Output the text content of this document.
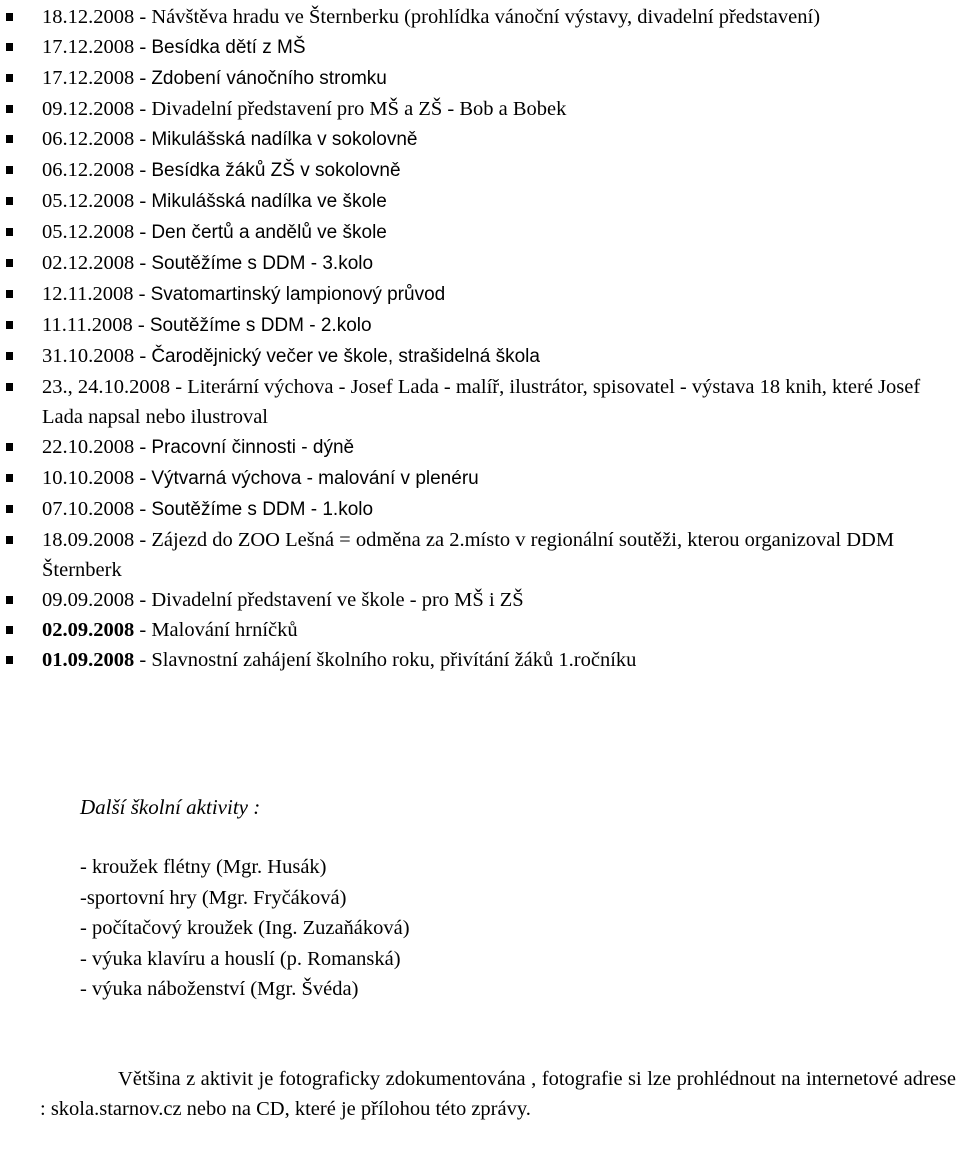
18.12.2008 - Návštěva hradu ve Šternberku (prohlídka vánoční výstavy, divadelní představení)
17.12.2008 - Besídka dětí z MŠ
17.12.2008 - Zdobení vánočního stromku
09.12.2008 - Divadelní představení pro MŠ a ZŠ - Bob a Bobek
06.12.2008 - Mikulášská nadílka v sokolovně
06.12.2008 - Besídka žáků ZŠ v sokolovně
05.12.2008 - Mikulášská nadílka ve škole
05.12.2008 - Den čertů a andělů ve škole
02.12.2008 - Soutěžíme s DDM - 3.kolo
12.11.2008 - Svatomartinský lampionový průvod
11.11.2008 - Soutěžíme s DDM - 2.kolo
31.10.2008 - Čarodějnický večer ve škole, strašidelná škola
23., 24.10.2008 - Literární výchova - Josef Lada - malíř, ilustrátor, spisovatel - výstava 18 knih, které Josef Lada napsal nebo ilustroval
22.10.2008 - Pracovní činnosti - dýně
10.10.2008 - Výtvarná výchova - malování v plenéru
07.10.2008 - Soutěžíme s DDM - 1.kolo
18.09.2008 - Zájezd do ZOO Lešná = odměna za 2.místo v regionální soutěži, kterou organizoval DDM Šternberk
09.09.2008 - Divadelní představení ve škole - pro MŠ i ZŠ
02.09.2008 - Malování hrníčků
01.09.2008 - Slavnostní zahájení školního roku, přivítání žáků 1.ročníku
Další školní aktivity :
- kroužek flétny (Mgr. Husák)
-sportovní hry (Mgr. Fryčáková)
- počítačový kroužek (Ing. Zuzaňáková)
- výuka klavíru a houslí (p. Romanská)
- výuka náboženství (Mgr. Švéda)

Většina z aktivit je fotograficky zdokumentována , fotografie si lze prohlédnout na internetové adrese : skola.starnov.cz nebo na CD, které je přílohou této zprávy.
